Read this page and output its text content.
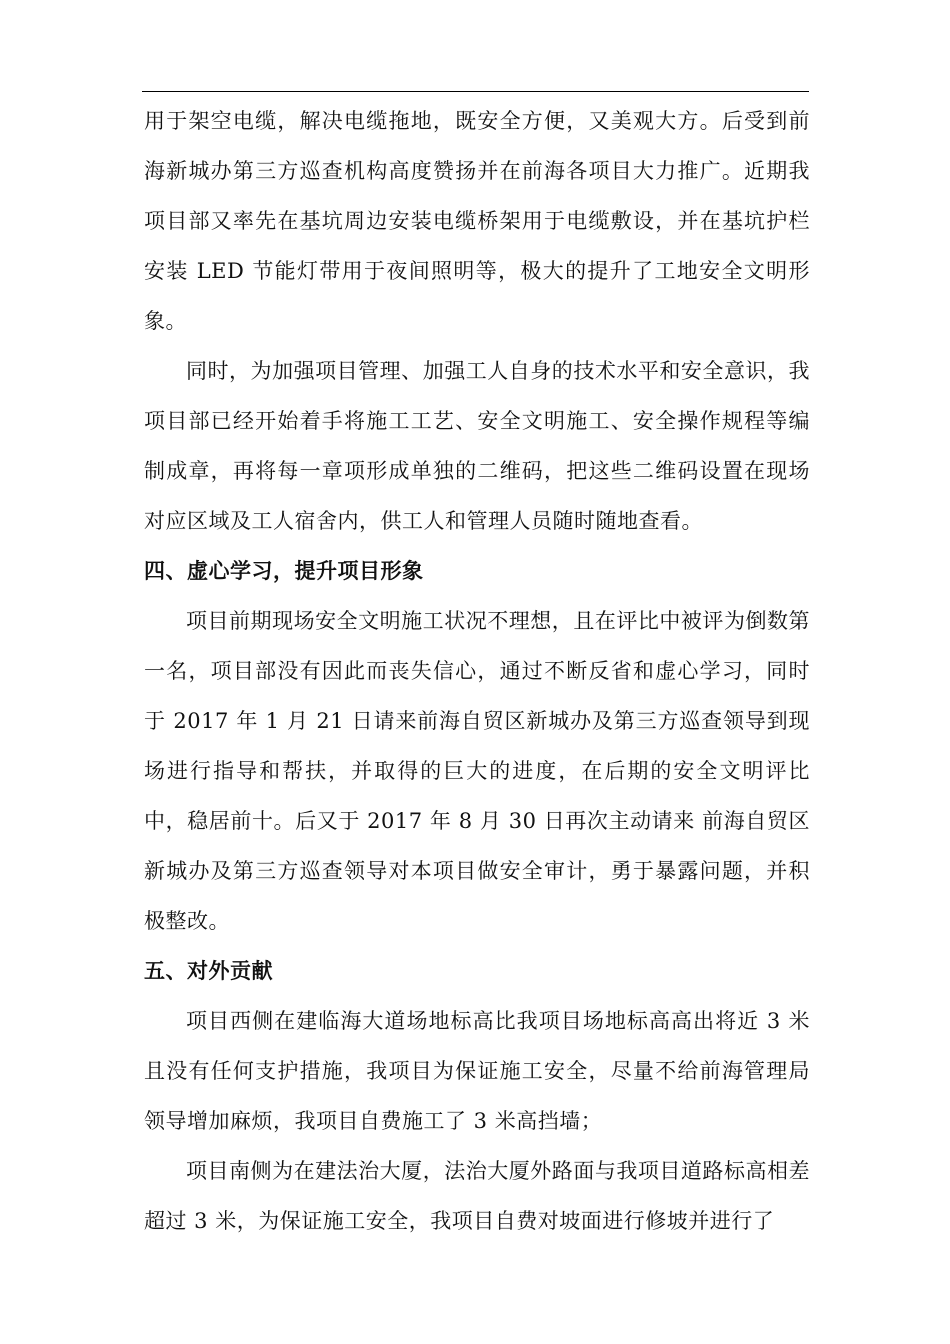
用于架空电缆，解决电缆拖地，既安全方便，又美观大方。后受到前海新城办第三方巡查机构高度赞扬并在前海各项目大力推广。近期我项目部又率先在基坑周边安装电缆桥架用于电缆敷设，并在基坑护栏安装 LED 节能灯带用于夜间照明等，极大的提升了工地安全文明形象。

同时，为加强项目管理、加强工人自身的技术水平和安全意识，我项目部已经开始着手将施工工艺、安全文明施工、安全操作规程等编制成章，再将每一章项形成单独的二维码，把这些二维码设置在现场对应区域及工人宿舍内，供工人和管理人员随时随地查看。

四、虚心学习，提升项目形象

项目前期现场安全文明施工状况不理想，且在评比中被评为倒数第一名，项目部没有因此而丧失信心，通过不断反省和虚心学习，同时于 2017 年 1 月 21 日请来前海自贸区新城办及第三方巡查领导到现场进行指导和帮扶，并取得的巨大的进度，在后期的安全文明评比中，稳居前十。后又于 2017 年 8 月 30 日再次主动请来 前海自贸区新城办及第三方巡查领导对本项目做安全审计，勇于暴露问题，并积极整改。

五、对外贡献

项目西侧在建临海大道场地标高比我项目场地标高高出将近 3 米且没有任何支护措施，我项目为保证施工安全，尽量不给前海管理局领导增加麻烦，我项目自费施工了 3 米高挡墙；

项目南侧为在建法治大厦，法治大厦外路面与我项目道路标高相差超过 3 米，为保证施工安全，我项目自费对坡面进行修坡并进行了
